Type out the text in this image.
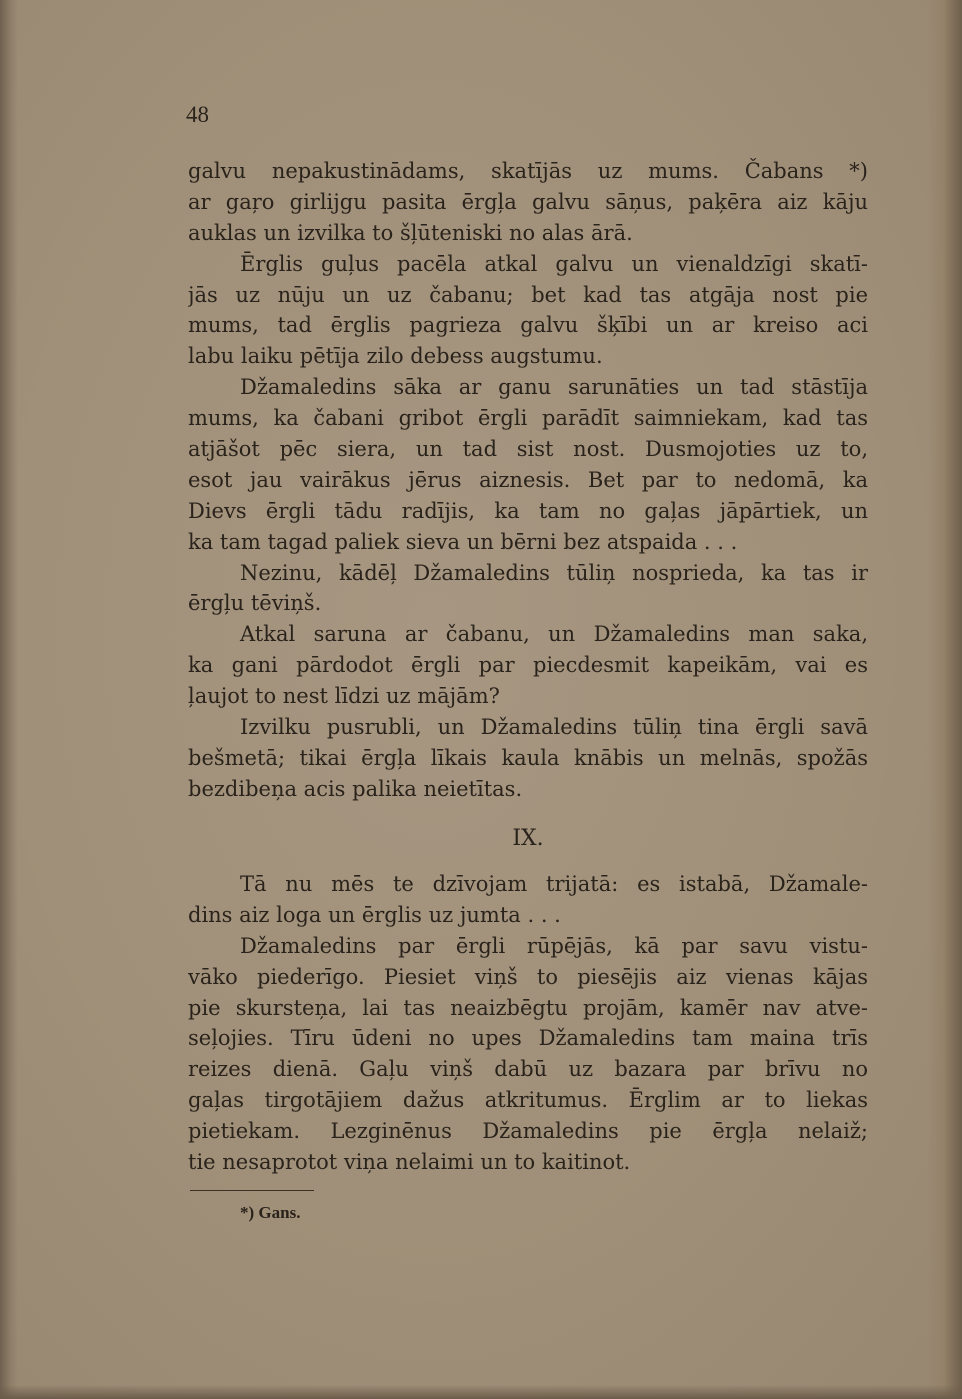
48
galvu nepakustinādams, skatījās uz mums. Čabans *)
ar gaŗo girlijgu pasita ērgļa galvu sāņus, paķēra aiz kāju
auklas un izvilka to šļūteniski no alas ārā.
Ērglis guļus pacēla atkal galvu un vienaldzīgi skatī-
jās uz nūju un uz čabanu; bet kad tas atgāja nost pie
mums, tad ērglis pagrieza galvu šķībi un ar kreiso aci
labu laiku pētīja zilo debess augstumu.
Džamaledins sāka ar ganu sarunāties un tad stāstīja
mums, ka čabani gribot ērgli parādīt saimniekam, kad tas
atjāšot pēc siera, un tad sist nost. Dusmojoties uz to,
esot jau vairākus jērus aiznesis. Bet par to nedomā, ka
Dievs ērgli tādu radījis, ka tam no gaļas jāpārtiek, un
ka tam tagad paliek sieva un bērni bez atspaida . . .
Nezinu, kādēļ Džamaledins tūliņ nosprieda, ka tas ir
ērgļu tēviņš.
Atkal saruna ar čabanu, un Džamaledins man saka,
ka gani pārdodot ērgli par piecdesmit kapeikām, vai es
ļaujot to nest līdzi uz mājām?
Izvilku pusrubli, un Džamaledins tūliņ tina ērgli savā
bešmetā; tikai ērgļa līkais kaula knābis un melnās, spožās
bezdibeņa acis palika neietītas.
IX.
Tā nu mēs te dzīvojam trijatā: es istabā, Džamale-
dins aiz loga un ērglis uz jumta . . .
Džamaledins par ērgli rūpējās, kā par savu vistu-
vāko piederīgo. Piesiet viņš to piesējis aiz vienas kājas
pie skursteņa, lai tas neaizbēgtu projām, kamēr nav atve-
seļojies. Tīru ūdeni no upes Džamaledins tam maina trīs
reizes dienā. Gaļu viņš dabū uz bazara par brīvu no
gaļas tirgotājiem dažus atkritumus. Ērglim ar to liekas
pietiekam. Lezginēnus Džamaledins pie ērgļa nelaiž;
tie nesaprotot viņa nelaimi un to kaitinot.
*) Gans.
